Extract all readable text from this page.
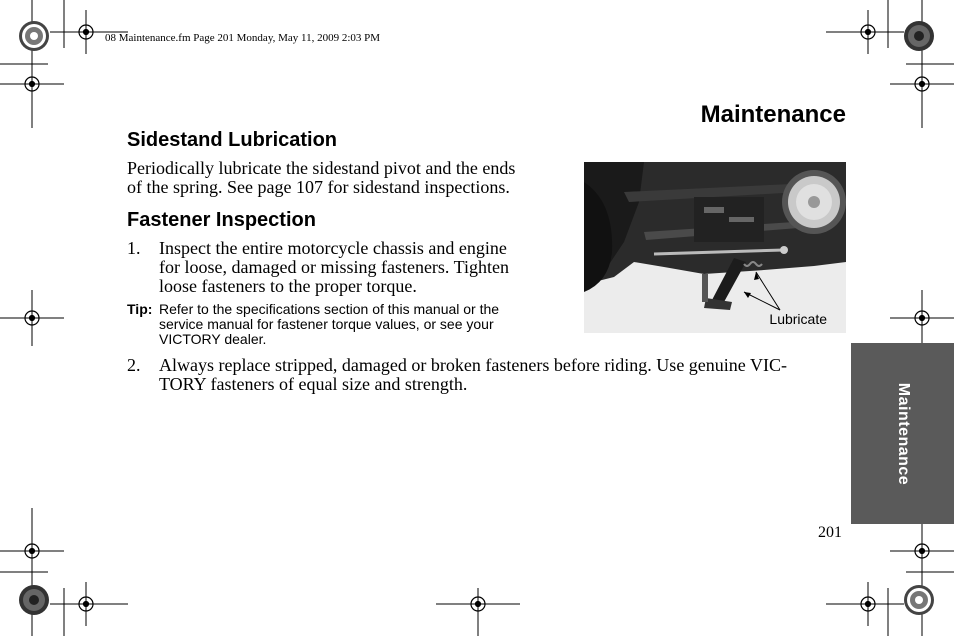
08 Maintenance.fm Page 201 Monday, May 11, 2009 2:03 PM
Maintenance
Sidestand Lubrication
Periodically lubricate the sidestand pivot and the ends
of the spring. See page 107 for sidestand inspections.
Fastener Inspection
1. Inspect the entire motorcycle chassis and engine
for loose, damaged or missing fasteners. Tighten
loose fasteners to the proper torque.
Tip: Refer to the specifications section of this manual or the
service manual for fastener torque values, or see your
VICTORY dealer.
2. Always replace stripped, damaged or broken fasteners before riding. Use genuine VIC-
TORY fasteners of equal size and strength.
Lubricate
Maintenance
201
